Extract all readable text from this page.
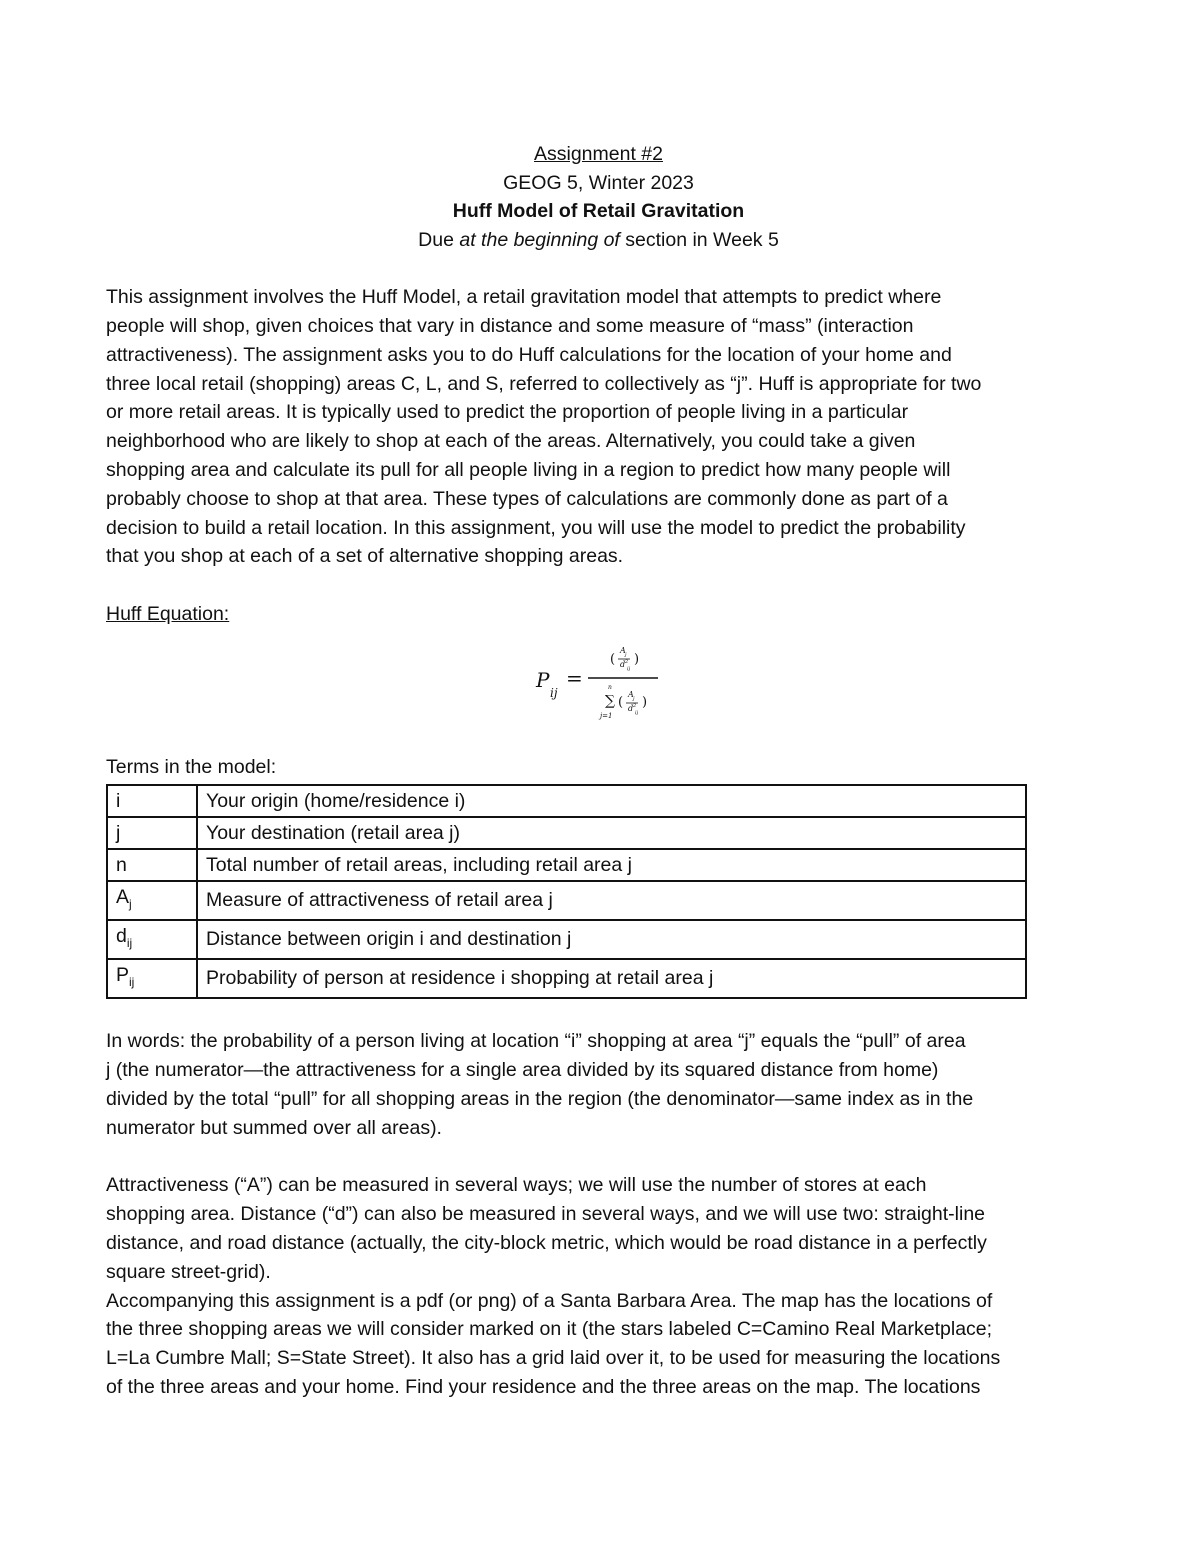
Assignment #2
GEOG 5, Winter 2023
Huff Model of Retail Gravitation
Due at the beginning of section in Week 5

This assignment involves the Huff Model, a retail gravitation model that attempts to predict where

people will shop, given choices that vary in distance and some measure of “mass” (interaction

attractiveness). The assignment asks you to do Huff calculations for the location of your home and

three local retail (shopping) areas C, L, and S, referred to collectively as “j”. Huff is appropriate for two

or more retail areas. It is typically used to predict the proportion of people living in a particular

neighborhood who are likely to shop at each of the areas. Alternatively, you could take a given

shopping area and calculate its pull for all people living in a region to predict how many people will

probably choose to shop at that area. These types of calculations are commonly done as part of a

decision to build a retail location. In this assignment, you will use the model to predict the probability

that you shop at each of a set of alternative shopping areas.

Huff Equation:
P
ij
=
(
A j
d 2
ij
)
n
∑
j=1
(
A j
d 2
ij
)
Terms in the model:
i	Your origin (home/residence i)
j	Your destination (retail area j)
n	Total number of retail areas, including retail area j
$A_j$	Measure of attractiveness of retail area j
$d_{ij}$	Distance between origin i and destination j
$P_{ij}$	Probability of person at residence i shopping at retail area j

In words: the probability of a person living at location “i” shopping at area “j” equals the “pull” of area

j (the numerator—the attractiveness for a single area divided by its squared distance from home)

divided by the total “pull” for all shopping areas in the region (the denominator—same index as in the

numerator but summed over all areas).

Attractiveness (“A”) can be measured in several ways; we will use the number of stores at each

shopping area. Distance (“d”) can also be measured in several ways, and we will use two: straight-line

distance, and road distance (actually, the city-block metric, which would be road distance in a perfectly

square street-grid).

Accompanying this assignment is a pdf (or png) of a Santa Barbara Area. The map has the locations of

the three shopping areas we will consider marked on it (the stars labeled C=Camino Real Marketplace;

L=La Cumbre Mall; S=State Street). It also has a grid laid over it, to be used for measuring the locations

of the three areas and your home. Find your residence and the three areas on the map. The locations
